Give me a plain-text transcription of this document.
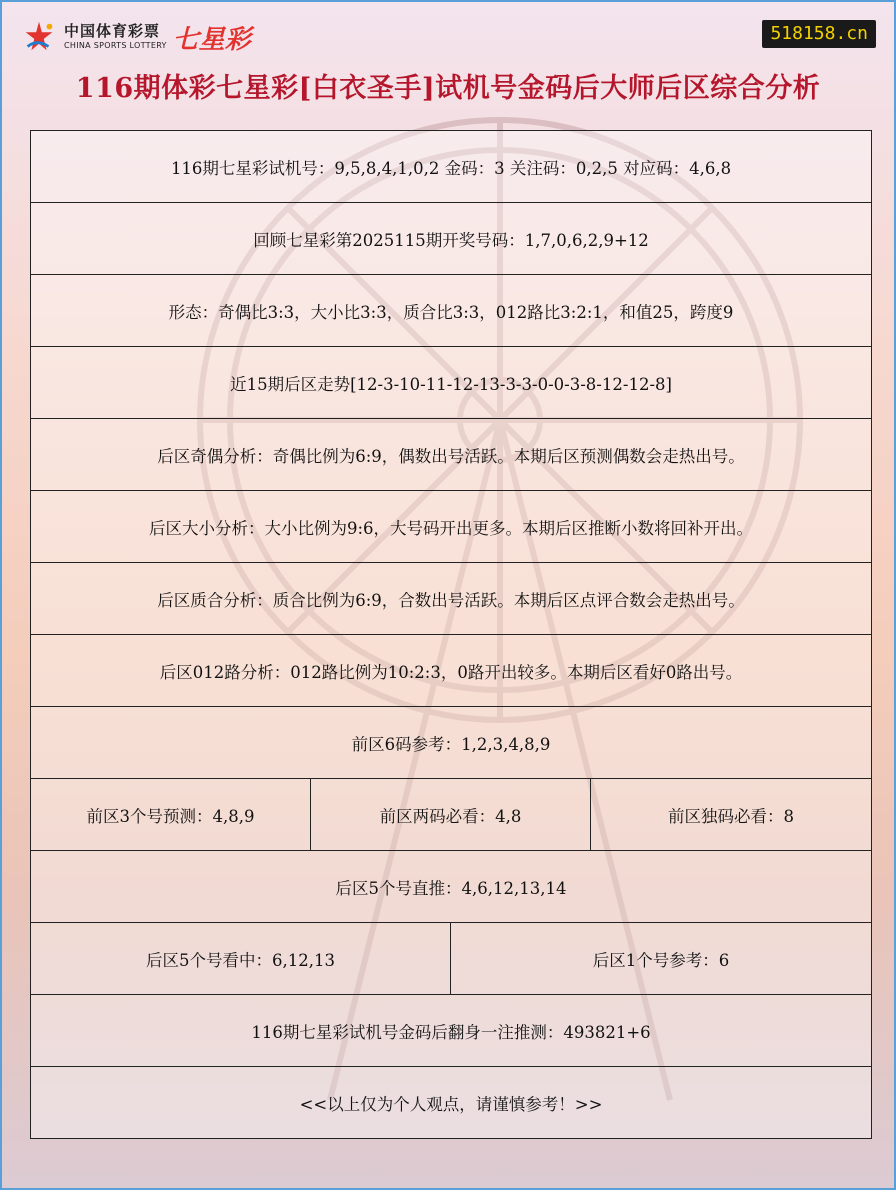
中国体育彩票
CHINA SPORTS LOTTERY 七星彩	518158.cn
116期体彩七星彩[白衣圣手]试机号金码后大师后区综合分析
116期七星彩试机号：9,5,8,4,1,0,2 金码：3 关注码：0,2,5 对应码：4,6,8			
回顾七星彩第2025115期开奖号码：1,7,0,6,2,9+12			
形态：奇偶比3:3，大小比3:3，质合比3:3，012路比3:2:1，和值25，跨度9			
近15期后区走势[12-3-10-11-12-13-3-3-0-0-3-8-12-12-8]			
后区奇偶分析：奇偶比例为6:9，偶数出号活跃。本期后区预测偶数会走热出号。			
后区大小分析：大小比例为9:6，大号码开出更多。本期后区推断小数将回补开出。			
后区质合分析：质合比例为6:9，合数出号活跃。本期后区点评合数会走热出号。			
后区012路分析：012路比例为10:2:3，0路开出较多。本期后区看好0路出号。			
前区6码参考：1,2,3,4,8,9			
前区3个号预测：4,8,9	前区两码必看：4,8		前区独码必看：8
后区5个号直推：4,6,12,13,14			
后区5个号看中：6,12,13		后区1个号参考：6	
116期七星彩试机号金码后翻身一注推测：493821+6			
<<以上仅为个人观点，请谨慎参考！>>			
